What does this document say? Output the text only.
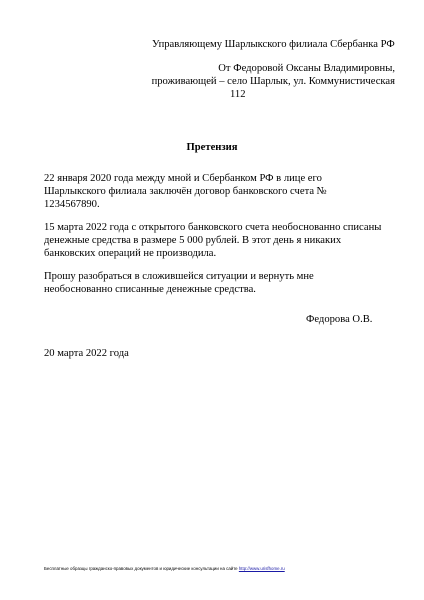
Управляющему Шарлыкского филиала Сбербанка РФ
От Федоровой Оксаны Владимировны,
проживающей – село Шарлык, ул. Коммунистическая
112
Претензия

22 января 2020 года между мной и Сбербанком РФ в лице его Шарлыкского филиала заключён договор банковского счета № 1234567890.

15 марта 2022 года с открытого банковского счета необоснованно списаны денежные средства в размере 5 000 рублей. В этот день я никаких банковских операций не производила.

Прошу разобраться в сложившейся ситуации и вернуть мне необоснованно списанные денежные средства.

Федорова О.В.
20 марта 2022 года
Бесплатные образцы гражданско-правовых документов и юридические консультации на сайте http://www.urisfhome.ru
